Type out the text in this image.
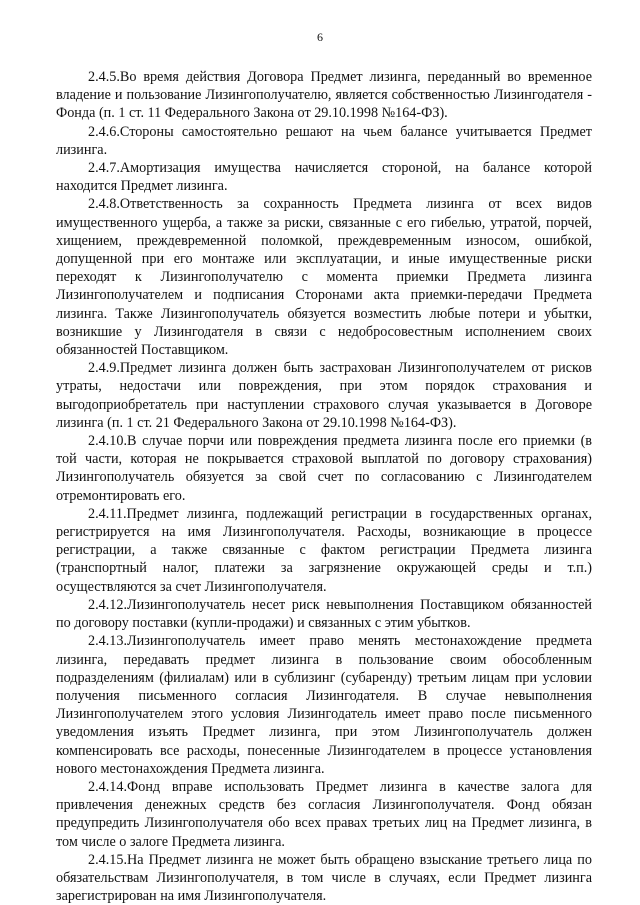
6

2.4.5.Во время действия Договора Предмет лизинга, переданный во временное владение и пользование Лизингополучателю, является собственностью Лизингодателя - Фонда (п. 1 ст. 11 Федерального Закона от 29.10.1998 №164-ФЗ).

2.4.6.Стороны самостоятельно решают на чьем балансе учитывается Предмет лизинга.

2.4.7.Амортизация имущества начисляется стороной, на балансе которой находится Предмет лизинга.

2.4.8.Ответственность за сохранность Предмета лизинга от всех видов имущественного ущерба, а также за риски, связанные с его гибелью, утратой, порчей, хищением, преждевременной поломкой, преждевременным износом, ошибкой, допущенной при его монтаже или эксплуатации, и иные имущественные риски переходят к Лизингополучателю с момента приемки Предмета лизинга Лизингополучателем и подписания Сторонами акта приемки-передачи Предмета лизинга. Также Лизингополучатель обязуется возместить любые потери и убытки, возникшие у Лизингодателя в связи с недобросовестным исполнением своих обязанностей Поставщиком.

2.4.9.Предмет лизинга должен быть застрахован Лизингополучателем от рисков утраты, недостачи или повреждения, при этом порядок страхования и выгодоприобретатель при наступлении страхового случая указывается в Договоре лизинга (п. 1 ст. 21 Федерального Закона от 29.10.1998 №164-ФЗ).

2.4.10.В случае порчи или повреждения предмета лизинга после его приемки (в той части, которая не покрывается страховой выплатой по договору страхования) Лизингополучатель обязуется за свой счет по согласованию с Лизингодателем отремонтировать его.

2.4.11.Предмет лизинга, подлежащий регистрации в государственных органах, регистрируется на имя Лизингополучателя. Расходы, возникающие в процессе регистрации, а также связанные с фактом регистрации Предмета лизинга (транспортный налог, платежи за загрязнение окружающей среды и т.п.) осуществляются за счет Лизингополучателя.

2.4.12.Лизингополучатель несет риск невыполнения Поставщиком обязанностей по договору поставки (купли-продажи) и связанных с этим убытков.

2.4.13.Лизингополучатель имеет право менять местонахождение предмета лизинга, передавать предмет лизинга в пользование своим обособленным подразделениям (филиалам) или в сублизинг (субаренду) третьим лицам при условии получения письменного согласия Лизингодателя. В случае невыполнения Лизингополучателем этого условия Лизингодатель имеет право после письменного уведомления изъять Предмет лизинга, при этом Лизингополучатель должен компенсировать все расходы, понесенные Лизингодателем в процессе установления нового местонахождения Предмета лизинга.

2.4.14.Фонд вправе использовать Предмет лизинга в качестве залога для привлечения денежных средств без согласия Лизингополучателя. Фонд обязан предупредить Лизингополучателя обо всех правах третьих лиц на Предмет лизинга, в том числе о залоге Предмета лизинга.

2.4.15.На Предмет лизинга не может быть обращено взыскание третьего лица по обязательствам Лизингополучателя, в том числе в случаях, если Предмет лизинга зарегистрирован на имя Лизингополучателя.
